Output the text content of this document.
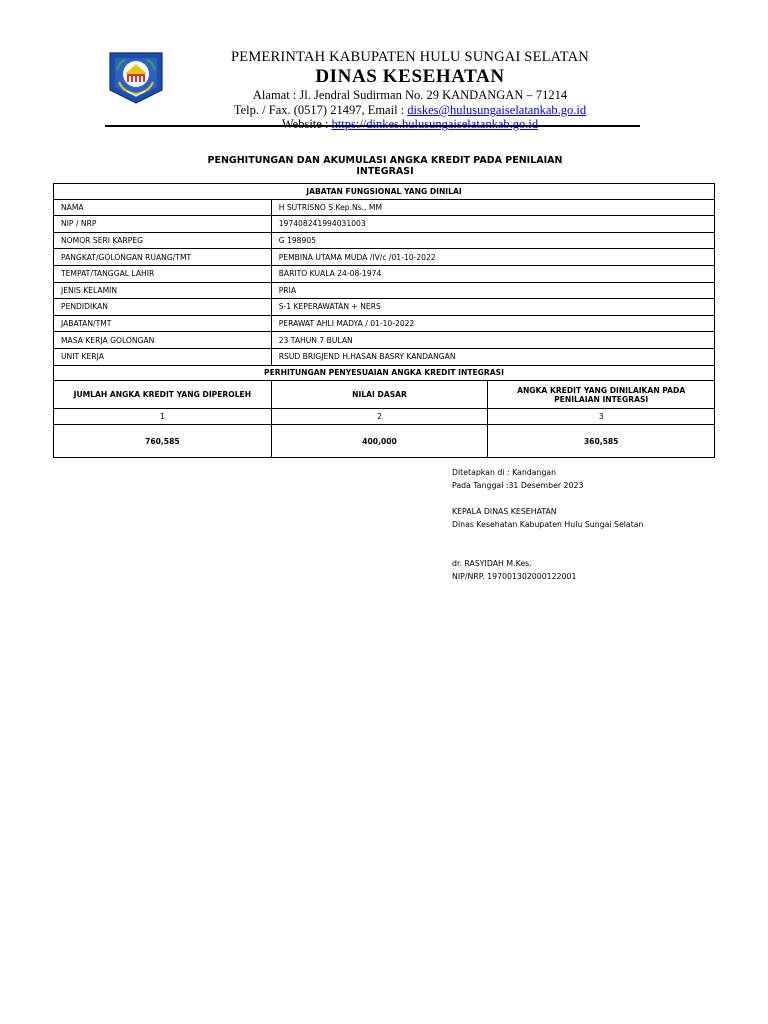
PEMERINTAH KABUPATEN HULU SUNGAI SELATAN
DINAS KESEHATAN
Alamat : Jl. Jendral Sudirman No. 29 KANDANGAN – 71214
Telp. / Fax. (0517) 21497, Email : diskes@hulusungaiselatankab.go.id
Website : https://dinkes.hulusungaiselatankab.go.id
PENGHITUNGAN DAN AKUMULASI ANGKA KREDIT PADA PENILAIAN
INTEGRASI
JABATAN FUNGSIONAL YANG DINILAI		
NAMA	H SUTRISNO S.Kep.Ns., MM	
NIP / NRP	197408241994031003	
NOMOR SERI KARPEG	G 198905	
PANGKAT/GOLONGAN RUANG/TMT	PEMBINA UTAMA MUDA /IV/c /01-10-2022	
TEMPAT/TANGGAL LAHIR	BARITO KUALA 24-08-1974	
JENIS KELAMIN	PRIA	
PENDIDIKAN	S-1 KEPERAWATAN + NERS	
JABATAN/TMT	PERAWAT AHLI MADYA / 01-10-2022	
MASA KERJA GOLONGAN	23 TAHUN 7 BULAN	
UNIT KERJA	RSUD BRIGJEND H.HASAN BASRY KANDANGAN	
PERHITUNGAN PENYESUAIAN ANGKA KREDIT INTEGRASI		
JUMLAH ANGKA KREDIT YANG DIPEROLEH	NILAI DASAR	ANGKA KREDIT YANG DINILAIKAN PADA PENILAIAN INTEGRASI
1	2	3
760,585	400,000	360,585
Ditetapkan di : Kandangan
Pada Tanggal :31 Desember 2023
KEPALA DINAS KESEHATAN
Dinas Kesehatan Kabupaten Hulu Sungai Selatan
dr. RASYIDAH M.Kes.
NIP/NRP. 197001302000122001
